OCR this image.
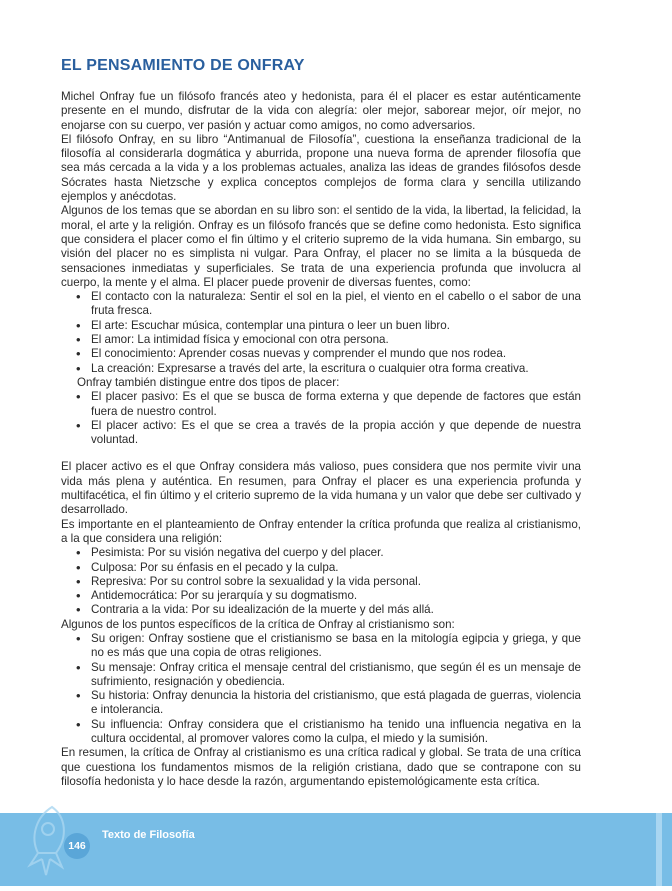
EL PENSAMIENTO DE ONFRAY

Michel Onfray fue un filósofo francés ateo y hedonista, para él el placer es estar auténticamente presente en el mundo, disfrutar de la vida con alegría: oler mejor, saborear mejor, oír mejor, no enojarse con su cuerpo, ver pasión y actuar como amigos, no como adversarios.

El filósofo Onfray, en su libro “Antimanual de Filosofía”, cuestiona la enseñanza tradicional de la filosofía al considerarla dogmática y aburrida, propone una nueva forma de aprender filosofía que sea más cercada a la vida y a los problemas actuales, analiza las ideas de grandes filósofos desde Sócrates hasta Nietzsche y explica conceptos complejos de forma clara y sencilla utilizando ejemplos y anécdotas.

Algunos de los temas que se abordan en su libro son: el sentido de la vida, la libertad, la felicidad, la moral, el arte y la religión. Onfray es un filósofo francés que se define como hedonista. Esto significa que considera el placer como el fin último y el criterio supremo de la vida humana. Sin embargo, su visión del placer no es simplista ni vulgar. Para Onfray, el placer no se limita a la búsqueda de sensaciones inmediatas y superficiales. Se trata de una experiencia profunda que involucra al cuerpo, la mente y el alma. El placer puede provenir de diversas fuentes, como:

• El contacto con la naturaleza: Sentir el sol en la piel, el viento en el cabello o el sabor de una fruta fresca.
• El arte: Escuchar música, contemplar una pintura o leer un buen libro.
• El amor: La intimidad física y emocional con otra persona.
• El conocimiento: Aprender cosas nuevas y comprender el mundo que nos rodea.
• La creación: Expresarse a través del arte, la escritura o cualquier otra forma creativa.

Onfray también distingue entre dos tipos de placer:

• El placer pasivo: Es el que se busca de forma externa y que depende de factores que están fuera de nuestro control.
• El placer activo: Es el que se crea a través de la propia acción y que depende de nuestra voluntad.

El placer activo es el que Onfray considera más valioso, pues considera que nos permite vivir una vida más plena y auténtica. En resumen, para Onfray el placer es una experiencia profunda y multifacética, el fin último y el criterio supremo de la vida humana y un valor que debe ser cultivado y desarrollado.

Es importante en el planteamiento de Onfray entender la crítica profunda que realiza al cristianismo, a la que considera una religión:

• Pesimista: Por su visión negativa del cuerpo y del placer.
• Culposa: Por su énfasis en el pecado y la culpa.
• Represiva: Por su control sobre la sexualidad y la vida personal.
• Antidemocrática: Por su jerarquía y su dogmatismo.
• Contraria a la vida: Por su idealización de la muerte y del más allá.

Algunos de los puntos específicos de la crítica de Onfray al cristianismo son:

• Su origen: Onfray sostiene que el cristianismo se basa en la mitología egipcia y griega, y que no es más que una copia de otras religiones.
• Su mensaje: Onfray critica el mensaje central del cristianismo, que según él es un mensaje de sufrimiento, resignación y obediencia.
• Su historia: Onfray denuncia la historia del cristianismo, que está plagada de guerras, violencia e intolerancia.
• Su influencia: Onfray considera que el cristianismo ha tenido una influencia negativa en la cultura occidental, al promover valores como la culpa, el miedo y la sumisión.

En resumen, la crítica de Onfray al cristianismo es una crítica radical y global. Se trata de una crítica que cuestiona los fundamentos mismos de la religión cristiana, dado que se contrapone con su filosofía hedonista y lo hace desde la razón, argumentando epistemológicamente esta crítica.

146
Texto de Filosofía
